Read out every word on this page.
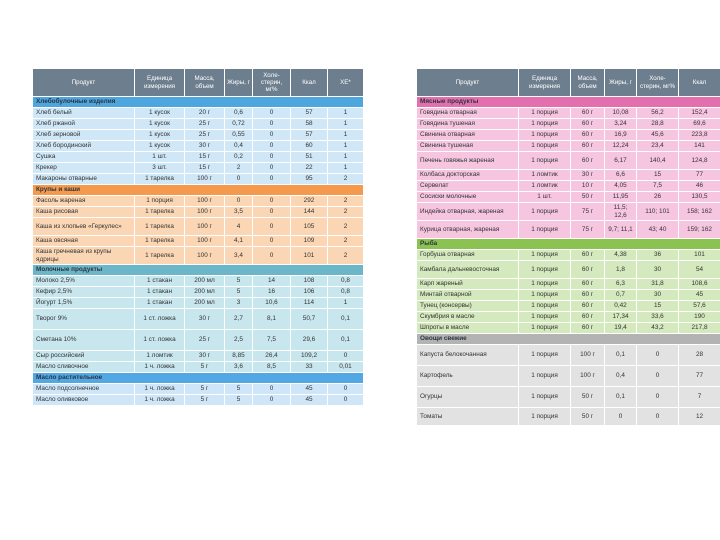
Продукт	Единица измерения	Масса, объем	Жиры, г	Холе-стерин, мг%	Ккал	ХЕ*
Хлебобулочные изделия						
Хлеб белый	1 кусок	20 г	0,6	0	57	1
Хлеб ржаной	1 кусок	25 г	0,72	0	58	1
Хлеб зерновой	1 кусок	25 г	0,55	0	57	1
Хлеб бородинский	1 кусок	30 г	0,4	0	60	1
Сушка	1 шт.	15 г	0,2	0	51	1
Крекер	3 шт.	15 г	2	0	22	1
Макароны отварные	1 тарелка	100 г	0	0	95	2
Крупы и каши						
Фасоль жареная	1 порция	100 г	0	0	292	2
Каша рисовая	1 тарелка	100 г	3,5	0	144	2
Каша из хлопьев «Геркулес»	1 тарелка	100 г	4	0	105	2
Каша овсяная	1 тарелка	100 г	4,1	0	109	2
Каша гречневая из крупы ядрицы	1 тарелка	100 г	3,4	0	101	2
Молочные продукты						
Молоко 2,5%	1 стакан	200 мл	5	14	108	0,8
Кефир 2,5%	1 стакан	200 мл	5	16	106	0,8
Йогурт 1,5%	1 стакан	200 мл	3	10,6	114	1
Творог 9%	1 ст. ложка	30 г	2,7	8,1	50,7	0,1
Сметана 10%	1 ст. ложка	25 г	2,5	7,5	29,6	0,1
Сыр российский	1 ломтик	30 г	8,85	26,4	109,2	0
Масло сливочное	1 ч. ложка	5 г	3,6	8,5	33	0,01
Масло растительное						
Масло подсолнечное	1 ч. ложка	5 г	5	0	45	0
Масло оливковое	1 ч. ложка	5 г	5	0	45	0
Продукт	Единица измерения	Масса, объем	Жиры, г	Холе-стерин, мг%	Ккал
Мясные продукты					
Говядина отварная	1 порция	60 г	10,08	56,2	152,4
Говядина тушеная	1 порция	60 г	3,24	28,8	69,6
Свинина отварная	1 порция	60 г	16,9	45,6	223,8
Свинина тушеная	1 порция	60 г	12,24	23,4	141
Печень говяжья жареная	1 порция	60 г	6,17	140,4	124,8
Колбаса докторская	1 ломтик	30 г	6,6	15	77
Сервелат	1 ломтик	10 г	4,05	7,5	46
Сосиски молочные	1 шт.	50 г	11,95	26	130,5
Индейка отварная, жареная	1 порция	75 г	11,5; 12,6	110; 101	158; 162
Курица отварная, жареная	1 порция	75 г	9,7; 11,1	43; 40	159; 162
Рыба					
Горбуша отварная	1 порция	60 г	4,38	36	101
Камбала дальневосточная	1 порция	60 г	1,8	30	54
Карп жареный	1 порция	60 г	6,3	31,8	108,6
Минтай отварной	1 порция	60 г	0,7	30	45
Тунец (консервы)	1 порция	60 г	0,42	15	57,6
Скумбрия в масле	1 порция	60 г	17,34	33,6	190
Шпроты в масле	1 порция	60 г	19,4	43,2	217,8
Овощи свежие					
Капуста белокочанная	1 порция	100 г	0,1	0	28
Картофель	1 порция	100 г	0,4	0	77
Огурцы	1 порция	50 г	0,1	0	7
Томаты	1 порция	50 г	0	0	12
